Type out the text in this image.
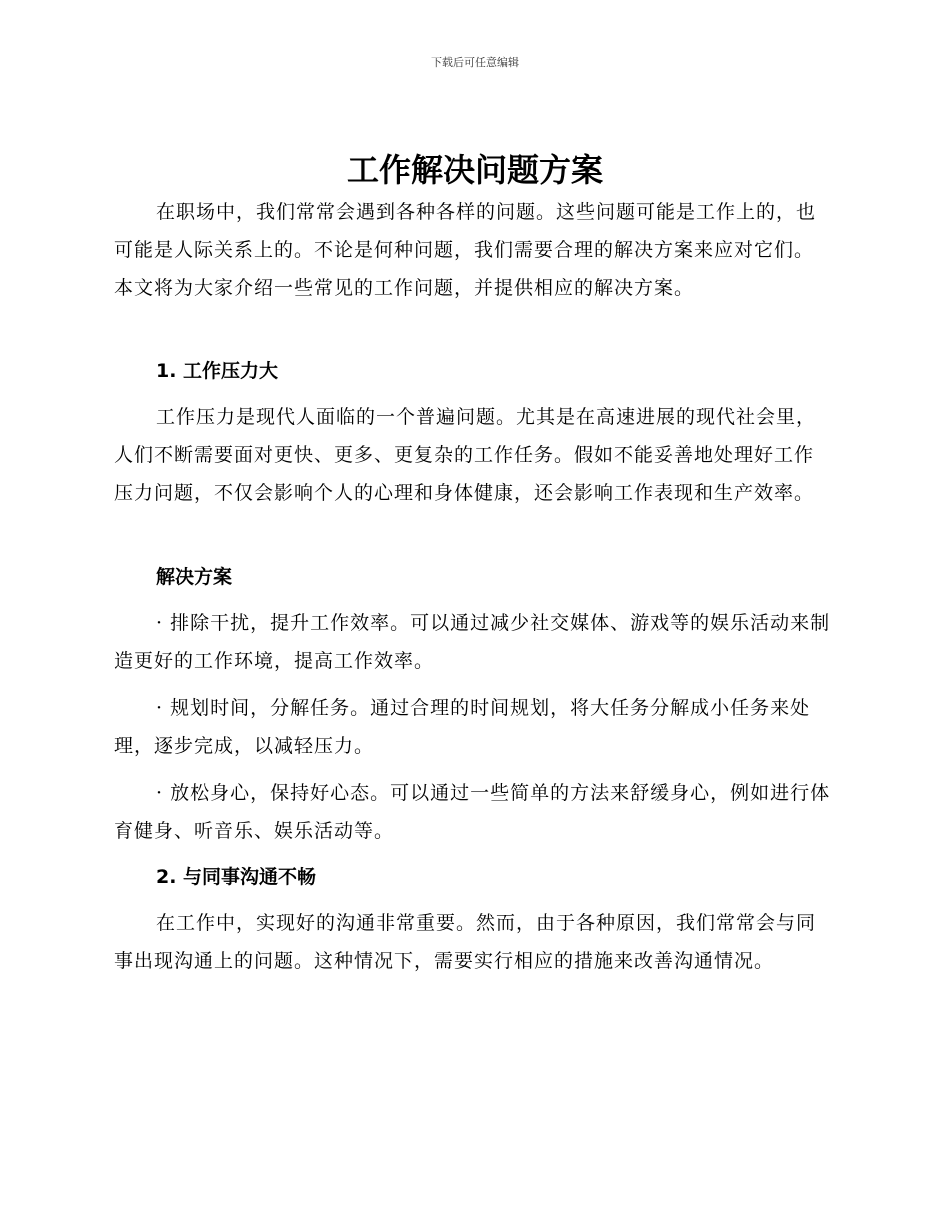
下载后可任意编辑
工作解决问题方案

在职场中，我们常常会遇到各种各样的问题。这些问题可能是工作上的，也可能是人际关系上的。不论是何种问题，我们需要合理的解决方案来应对它们。本文将为大家介绍一些常见的工作问题，并提供相应的解决方案。

1. 工作压力大

工作压力是现代人面临的一个普遍问题。尤其是在高速进展的现代社会里，人们不断需要面对更快、更多、更复杂的工作任务。假如不能妥善地处理好工作压力问题，不仅会影响个人的心理和身体健康，还会影响工作表现和生产效率。

解决方案

· 排除干扰，提升工作效率。可以通过减少社交媒体、游戏等的娱乐活动来制造更好的工作环境，提高工作效率。

· 规划时间，分解任务。通过合理的时间规划，将大任务分解成小任务来处理，逐步完成，以减轻压力。

· 放松身心，保持好心态。可以通过一些简单的方法来舒缓身心，例如进行体育健身、听音乐、娱乐活动等。

2. 与同事沟通不畅

在工作中，实现好的沟通非常重要。然而，由于各种原因，我们常常会与同事出现沟通上的问题。这种情况下，需要实行相应的措施来改善沟通情况。
